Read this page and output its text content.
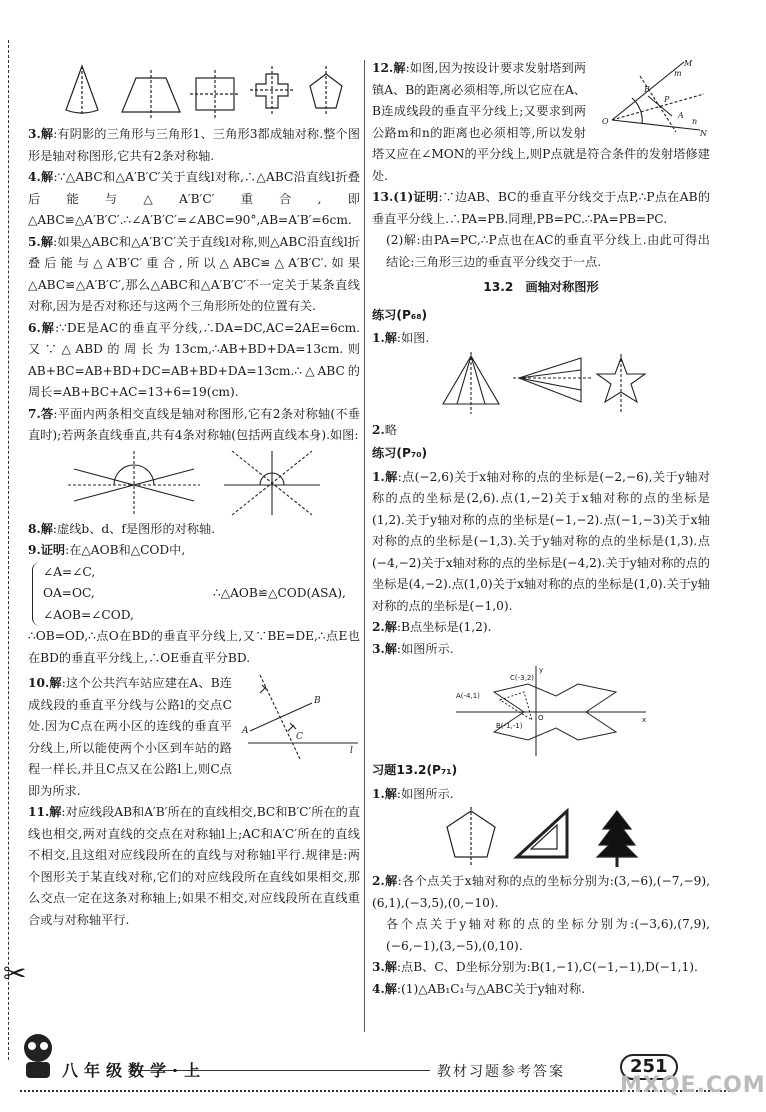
✂

3.解:有阴影的三角形与三角形1、三角形3都成轴对称.整个图形是轴对称图形,它共有2条对称轴.

4.解:∵△ABC和△A′B′C′关于直线l对称,∴△ABC沿直线l折叠后能与△A′B′C′重合,即△ABC≌△A′B′C′.∴∠A′B′C′=∠ABC=90°,AB=A′B′=6cm.

5.解:如果△ABC和△A′B′C′关于直线l对称,则△ABC沿直线l折叠后能与△A′B′C′重合,所以△ABC≌△A′B′C′.如果△ABC≌△A′B′C′,那么△ABC和△A′B′C′不一定关于某条直线对称,因为是否对称还与这两个三角形所处的位置有关.

6.解:∵DE是AC的垂直平分线,∴DA=DC,AC=2AE=6cm.又∵△ABD的周长为13cm,∴AB+BD+DA=13cm.则AB+BC=AB+BD+DC=AB+BD+DA=13cm.∴△ABC的周长=AB+BC+AC=13+6=19(cm).

7.答:平面内两条相交直线是轴对称图形,它有2条对称轴(不垂直时);若两条直线垂直,共有4条对称轴(包括两直线本身).如图:

8.解:虚线b、d、f是图形的对称轴.

9.证明:在△AOB和△COD中,

∠A=∠C,
OA=OC,
∠AOB=∠COD,
∴△AOB≌△COD(ASA),

∴OB=OD,∴点O在BD的垂直平分线上,又∵BE=DE,∴点E也在BD的垂直平分线上,∴OE垂直平分BD.

A
B
C
l

10.解:这个公共汽车站应建在A、B连成线段的垂直平分线与公路l的交点C处.因为C点在两小区的连线的垂直平分线上,所以能使两个小区到车站的路程一样长,并且C点又在公路l上,则C点即为所求.

11.解:对应线段AB和A′B′所在的直线相交,BC和B′C′所在的直线也相交,两对直线的交点在对称轴l上;AC和A′C′所在的直线不相交,且这组对应线段所在的直线与对称轴l平行.规律是:两个图形关于某直线对称,它们的对应线段所在直线如果相交,那么交点一定在这条对称轴上;如果不相交,对应线段所在直线重合或与对称轴平行.

M
m
B
P
A
O	n
N

12.解:如图,因为按设计要求发射塔到两镇A、B的距离必须相等,所以它应在A、B连成线段的垂直平分线上;又要求到两公路m和n的距离也必须相等,所以发射塔又应在∠MON的平分线上,则P点就是符合条件的发射塔修建处.

13.(1)证明:∵边AB、BC的垂直平分线交于点P,∴P点在AB的垂直平分线上.∴PA=PB.同理,PB=PC.∴PA=PB=PC.

(2)解:由PA=PC,∴P点也在AC的垂直平分线上.由此可得出结论:三角形三边的垂直平分线交于一点.

13.2　画轴对称图形
练习(P₆₈)

1.解:如图.

2.略

练习(P₇₀)

1.解:点(−2,6)关于x轴对称的点的坐标是(−2,−6),关于y轴对称的点的坐标是(2,6).点(1,−2)关于x轴对称的点的坐标是(1,2).关于y轴对称的点的坐标是(−1,−2).点(−1,−3)关于x轴对称的点的坐标是(−1,3).关于y轴对称的点的坐标是(1,3).点(−4,−2)关于x轴对称的点的坐标是(−4,2).关于y轴对称的点的坐标是(4,−2).点(1,0)关于x轴对称的点的坐标是(1,0).关于y轴对称的点的坐标是(−1,0).

2.解:B点坐标是(1,2).

3.解:如图所示.

C(-3,2)
A(-4,1)
B(-1,-1)
y
x
O
习题13.2(P₇₁)

1.解:如图所示.

2.解:各个点关于x轴对称的点的坐标分别为:(3,−6),(−7,−9),(6,1),(−3,5),(0,−10).

各个点关于y轴对称的点的坐标分别为:(−3,6),(7,9),(−6,−1),(3,−5),(0,10).

3.解:点B、C、D坐标分别为:B(1,−1),C(−1,−1),D(−1,1).

4.解:(1)△AB₁C₁与△ABC关于y轴对称.

八年级数学·上	教材习题参考答案	251
MXQE.COM
